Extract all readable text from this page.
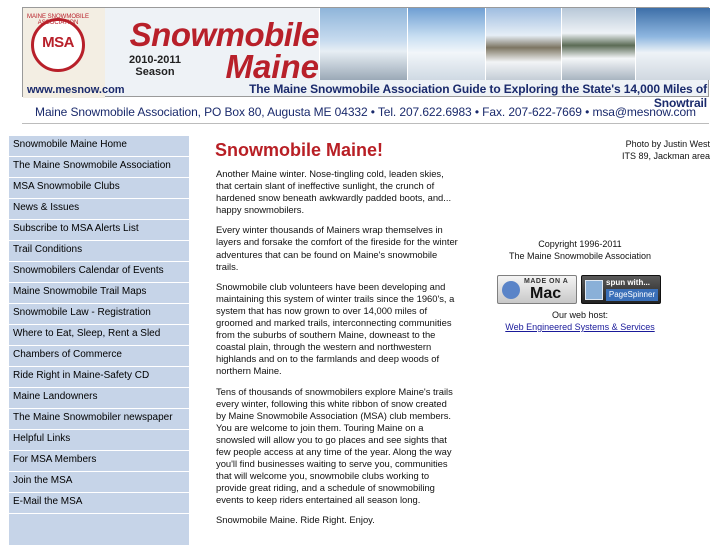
MAINE SNOWMOBILE ASSOCIATION
MSA	Snowmobile
2010-2011
Season	Maine
www.mesnow.com	The Maine Snowmobile Association Guide to Exploring the State's 14,000 Miles of Snowtrail
Maine Snowmobile Association, PO Box 80, Augusta ME 04332 • Tel. 207.622.6983 • Fax. 207-622-7669 • msa@mesnow.com
Snowmobile Maine Home
The Maine Snowmobile Association
MSA Snowmobile Clubs
News & Issues
Subscribe to MSA Alerts List
Trail Conditions
Snowmobilers Calendar of Events
Maine Snowmobile Trail Maps
Snowmobile Law - Registration
Where to Eat, Sleep, Rent a Sled
Chambers of Commerce
Ride Right in Maine-Safety CD
Maine Landowners
The Maine Snowmobiler newspaper
Helpful Links
For MSA Members
Join the MSA
E-Mail the MSA
Snowmobile Maine!

Another Maine winter. Nose-tingling cold, leaden skies, that certain slant of ineffective sunlight, the crunch of hardened snow beneath awkwardly padded boots, and... happy snowmobilers.

Every winter thousands of Mainers wrap themselves in layers and forsake the comfort of the fireside for the winter adventures that can be found on Maine's snowmobile trails.

Snowmobile club volunteers have been developing and maintaining this system of winter trails since the 1960's, a system that has now grown to over 14,000 miles of groomed and marked trails, interconnecting communities from the suburbs of southern Maine, downeast to the coastal plain, through the western and northwestern highlands and on to the farmlands and deep woods of northern Maine.

Tens of thousands of snowmobilers explore Maine's trails every winter, following this white ribbon of snow created by Maine Snowmobile Association (MSA) club members. You are welcome to join them. Touring Maine on a snowsled will allow you to go places and see sights that few people access at any time of the year. Along the way you'll find businesses waiting to serve you, communities that will welcome you, snowmobile clubs working to provide great riding, and a schedule of snowmobiling events to keep riders entertained all season long.

Snowmobile Maine. Ride Right. Enjoy.

Photo by Justin West
ITS 89, Jackman area
Copyright 1996-2011
The Maine Snowmobile Association
MADE ON A
Mac
spun with...
PageSpinner
Our web host:
Web Engineered Systems & Services
